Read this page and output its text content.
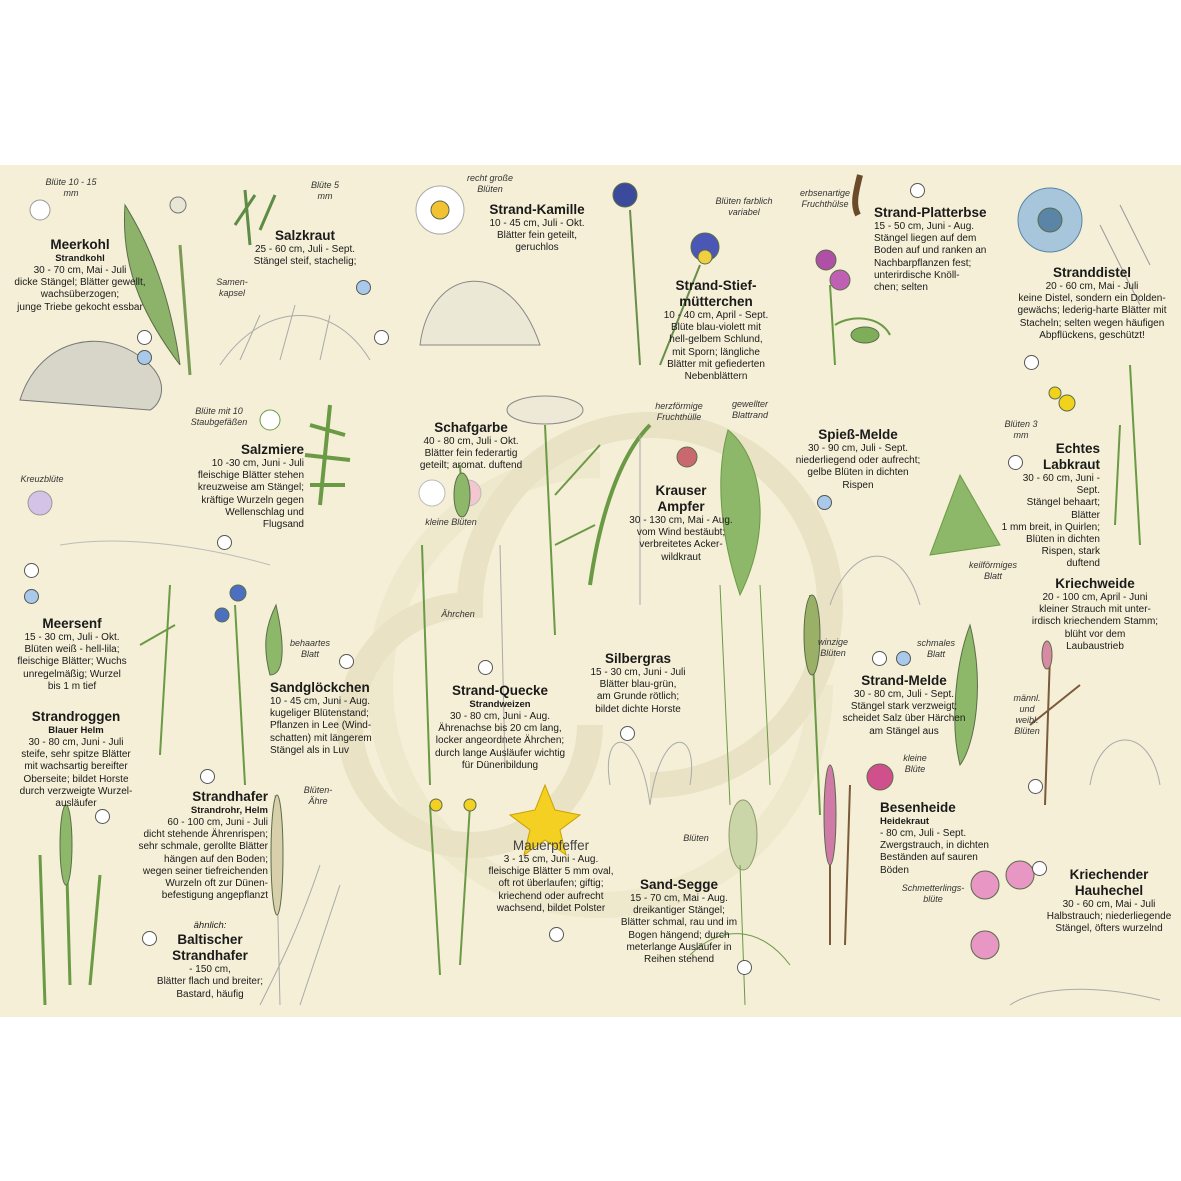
Blüte 10 - 15 mm
Blüte 5 mm
Samen- kapsel
recht große Blüten
Blüten farblich variabel
erbsenartige Fruchthülse
Blüte mit 10 Staubgefäßen
herzförmige Fruchthülle
gewellter Blattrand
Blüten 3 mm
Kreuzblüte
kleine Blüten
keilförmiges Blatt
Ährchen
behaartes Blatt
winzige Blüten
schmales Blatt
männl. und weibl. Blüten
Blüten- Ähre
kleine Blüte
Blüten
Schmetterlings- blüte
Meerkohl
Strandkohl
30 - 70 cm, Mai - Juli
dicke Stängel; Blätter gewellt,
wachsüberzogen;
junge Triebe gekocht essbar
Salzkraut
25 - 60 cm, Juli - Sept.
Stängel steif, stachelig;
Strand-Kamille
10 - 45 cm, Juli - Okt.
Blätter fein geteilt,
geruchlos
Strand-Stief-
mütterchen
10 - 40 cm, April - Sept.
Blüte blau-violett mit
hell-gelbem Schlund,
mit Sporn; längliche
Blätter mit gefiederten
Nebenblättern
Strand-Platterbse
15 - 50 cm, Juni - Aug.
Stängel liegen auf dem
Boden auf und ranken an
Nachbarpflanzen fest;
unterirdische Knöll-
chen; selten
Stranddistel
20 - 60 cm, Mai - Juli
keine Distel, sondern ein Dolden-
gewächs; lederig-harte Blätter mit
Stacheln; selten wegen häufigen
Abpflückens, geschützt!
Salzmiere
10 -30 cm, Juni - Juli
fleischige Blätter stehen
kreuzweise am Stängel;
kräftige Wurzeln gegen
Wellenschlag und
Flugsand
Schafgarbe
40 - 80 cm, Juli - Okt.
Blätter fein federartig
geteilt; aromat. duftend
Krauser
Ampfer
30 - 130 cm, Mai - Aug.
vom Wind bestäubt;
verbreitetes Acker-
wildkraut
Spieß-Melde
30 - 90 cm, Juli - Sept.
niederliegend oder aufrecht;
gelbe Blüten in dichten
Rispen
Echtes
Labkraut
30 - 60 cm, Juni - Sept.
Stängel behaart; Blätter
1 mm breit, in Quirlen;
Blüten in dichten
Rispen, stark
duftend
Meersenf
15 - 30 cm, Juli - Okt.
Blüten weiß - hell-lila;
fleischige Blätter; Wuchs
unregelmäßig; Wurzel
bis 1 m tief
Kriechweide
20 - 100 cm, April - Juni
kleiner Strauch mit unter-
irdisch kriechendem Stamm;
blüht vor dem
Laubaustrieb
Silbergras
15 - 30 cm, Juni - Juli
Blätter blau-grün,
am Grunde rötlich;
bildet dichte Horste
Sandglöckchen
10 - 45 cm, Juni - Aug.
kugeliger Blütenstand;
Pflanzen in Lee (Wind-
schatten) mit längerem
Stängel als in Luv
Strand-Quecke
Strandweizen
30 - 80 cm, Juni - Aug.
Ährenachse bis 20 cm lang,
locker angeordnete Ährchen;
durch lange Ausläufer wichtig
für Dünenbildung
Strand-Melde
30 - 80 cm, Juli - Sept.
Stängel stark verzweigt;
scheidet Salz über Härchen
am Stängel aus
Strandroggen
Blauer Helm
30 - 80 cm, Juni - Juli
steife, sehr spitze Blätter
mit wachsartig bereifter
Oberseite; bildet Horste
durch verzweigte Wurzel-
ausläufer	Strandhafer
Strandrohr, Helm
60 - 100 cm, Juni - Juli
dicht stehende Ährenrispen;
sehr schmale, gerollte Blätter
hängen auf den Boden;
wegen seiner tiefreichenden
Wurzeln oft zur Dünen-
befestigung angepflanzt
Besenheide
Heidekraut
- 80 cm, Juli - Sept.
Zwergstrauch, in dichten
Beständen auf sauren
Böden
Mauerpfeffer
3 - 15 cm, Juni - Aug.
fleischige Blätter 5 mm oval,
oft rot überlaufen; giftig;
kriechend oder aufrecht
wachsend, bildet Polster
Sand-Segge
15 - 70 cm, Mai - Aug.
dreikantiger Stängel;
Blätter schmal, rau und im
Bogen hängend; durch
meterlange Ausläufer in
Reihen stehend
Kriechender
Hauhechel
30 - 60 cm, Mai - Juli
Halbstrauch; niederliegende
Stängel, öfters wurzelnd
ähnlich:
Baltischer
Strandhafer
- 150 cm,
Blätter flach und breiter;
Bastard, häufig
